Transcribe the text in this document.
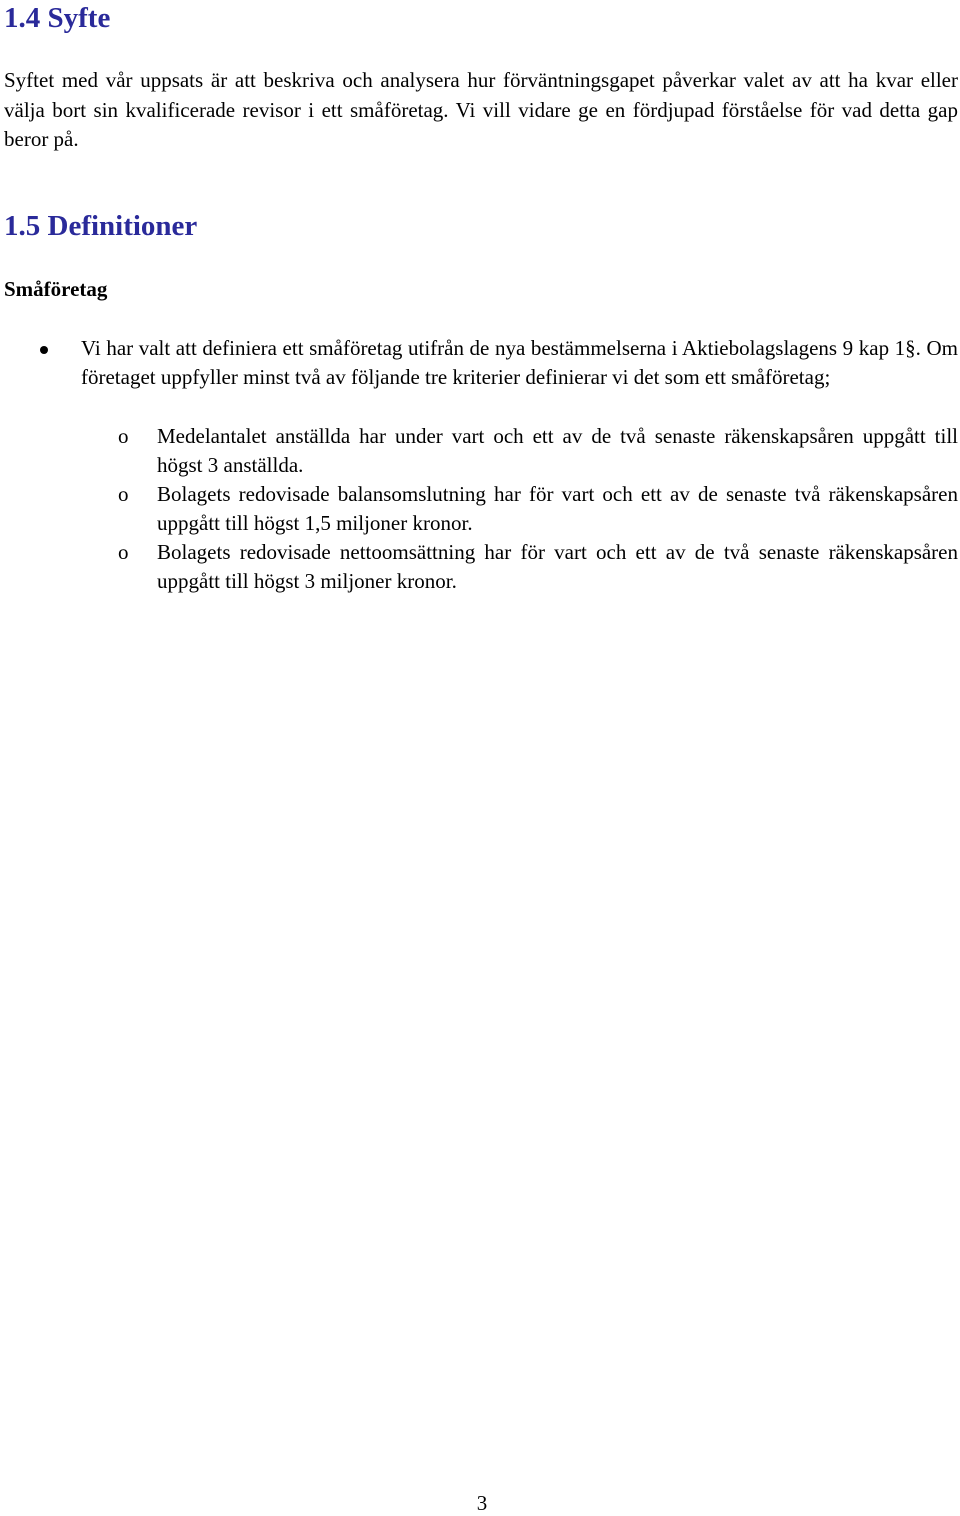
1.4 Syfte

Syftet med vår uppsats är att beskriva och analysera hur förväntningsgapet påverkar valet av att ha kvar eller välja bort sin kvalificerade revisor i ett småföretag. Vi vill vidare ge en fördjupad förståelse för vad detta gap beror på.

1.5 Definitioner
Småföretag

Vi har valt att definiera ett småföretag utifrån de nya bestämmelserna i Aktiebolagslagens 9 kap 1§. Om företaget uppfyller minst två av följande tre kriterier definierar vi det som ett småföretag;

o Medelantalet anställda har under vart och ett av de två senaste räkenskapsåren uppgått till högst 3 anställda.

o Bolagets redovisade balansomslutning har för vart och ett av de senaste två räkenskapsåren uppgått till högst 1,5 miljoner kronor.

o Bolagets redovisade nettoomsättning har för vart och ett av de två senaste räkenskapsåren uppgått till högst 3 miljoner kronor.

3
